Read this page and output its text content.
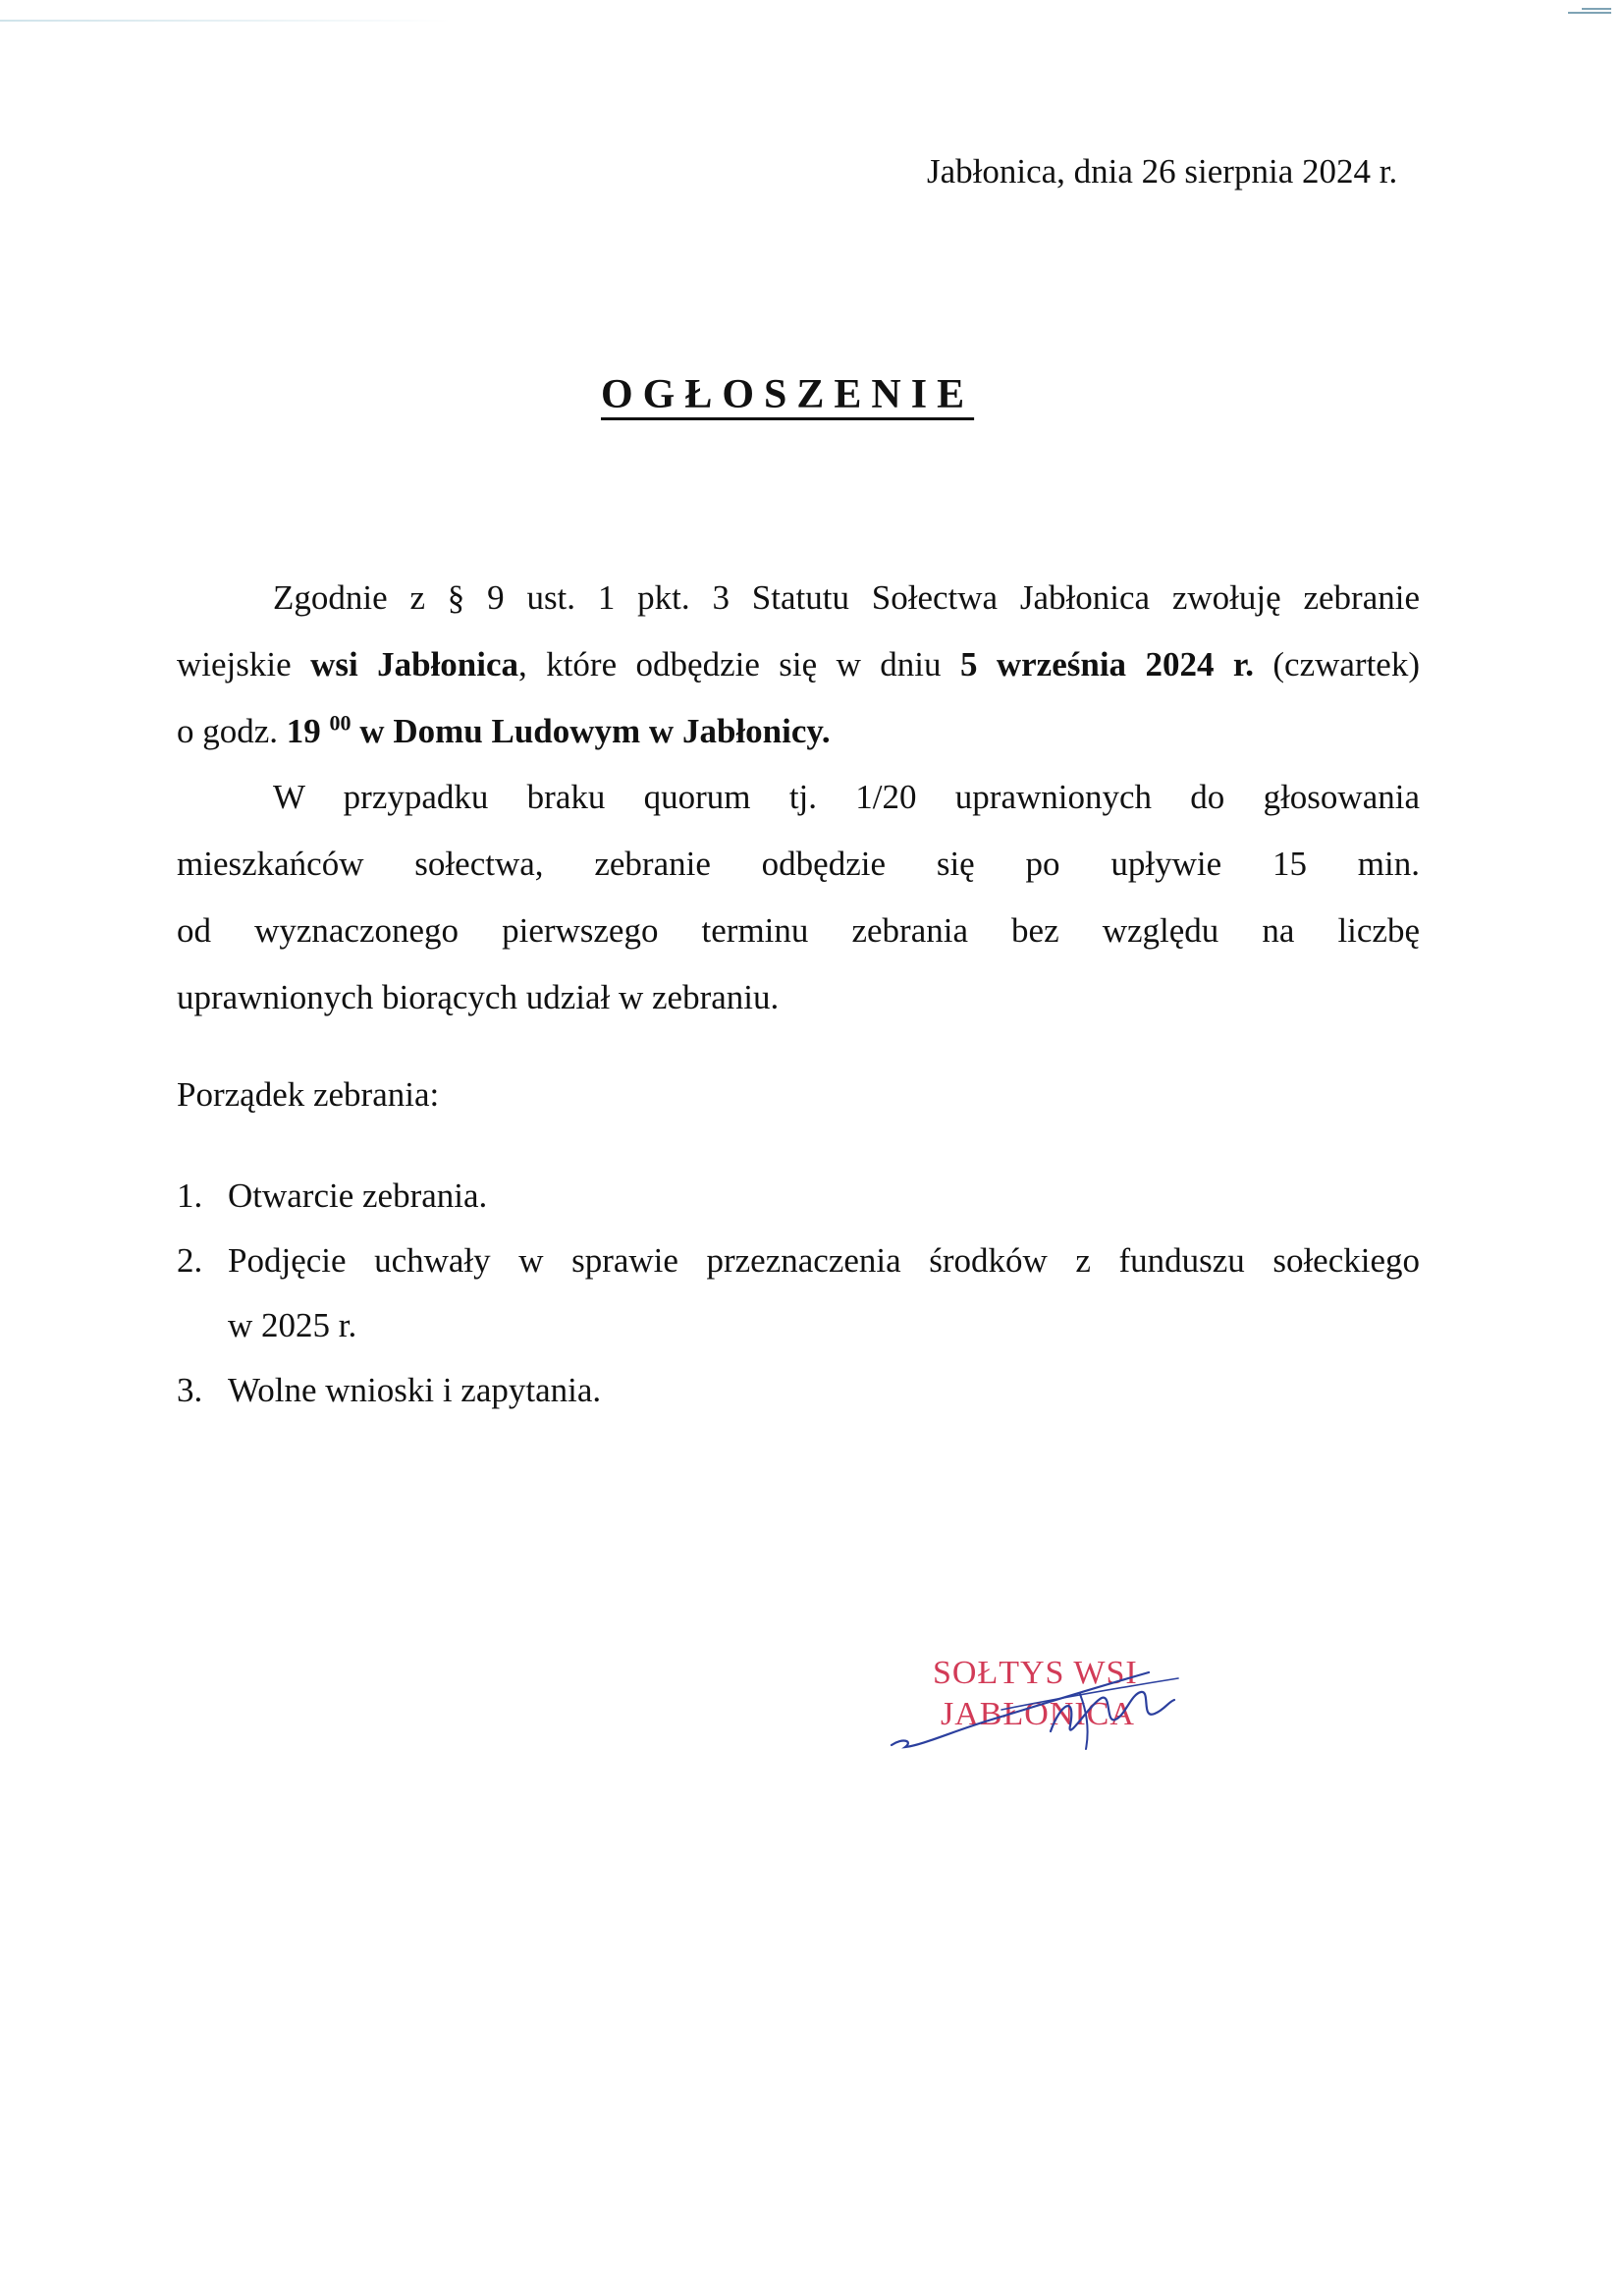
Jabłonica, dnia 26 sierpnia 2024 r.
OGŁOSZENIE
Zgodnie z § 9 ust. 1 pkt. 3 Statutu Sołectwa Jabłonica zwołuję zebranie
wiejskie wsi Jabłonica, które odbędzie się w dniu 5 września 2024 r. (czwartek)
o godz. 19 $^{00}$ w Domu Ludowym w Jabłonicy.
W przypadku braku quorum tj. 1/20 uprawnionych do głosowania
mieszkańców sołectwa, zebranie odbędzie się po upływie 15 min.
od wyznaczonego pierwszego terminu zebrania bez względu na liczbę
uprawnionych biorących udział w zebraniu.
Porządek zebrania:
1. Otwarcie zebrania.
2. Podjęcie uchwały w sprawie przeznaczenia środków z funduszu sołeckiego
w 2025 r.
3. Wolne wnioski i zapytania.
SOŁTYS WSI
JABŁONICA
